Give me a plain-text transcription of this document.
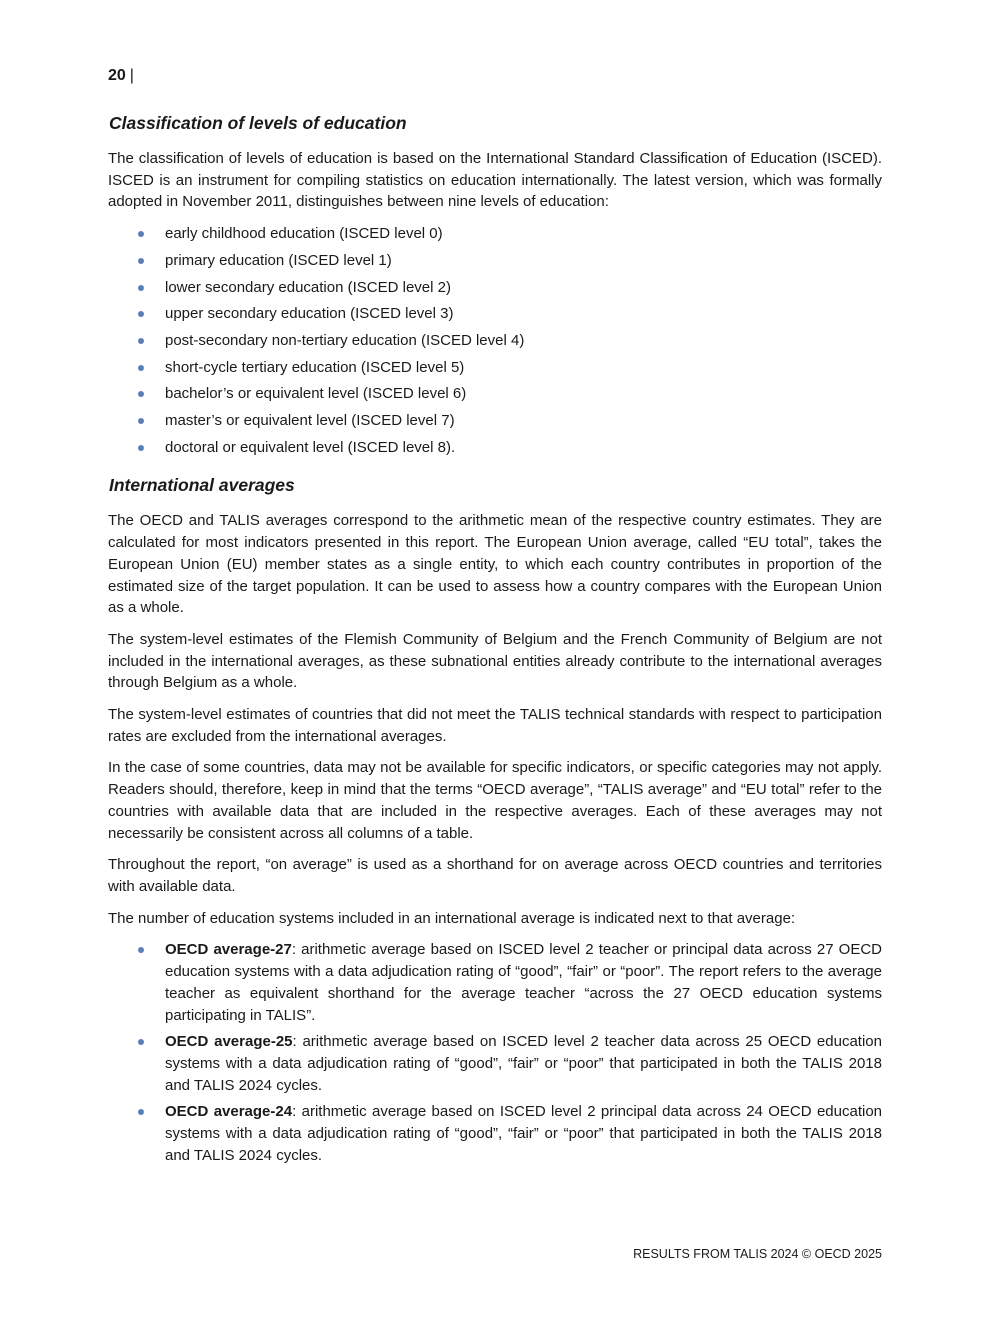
20 |
Classification of levels of education

The classification of levels of education is based on the International Standard Classification of Education (ISCED). ISCED is an instrument for compiling statistics on education internationally. The latest version, which was formally adopted in November 2011, distinguishes between nine levels of education:

early childhood education (ISCED level 0)
primary education (ISCED level 1)
lower secondary education (ISCED level 2)
upper secondary education (ISCED level 3)
post-secondary non-tertiary education (ISCED level 4)
short-cycle tertiary education (ISCED level 5)
bachelor’s or equivalent level (ISCED level 6)
master’s or equivalent level (ISCED level 7)
doctoral or equivalent level (ISCED level 8).
International averages

The OECD and TALIS averages correspond to the arithmetic mean of the respective country estimates. They are calculated for most indicators presented in this report. The European Union average, called “EU total”, takes the European Union (EU) member states as a single entity, to which each country contributes in proportion of the estimated size of the target population. It can be used to assess how a country compares with the European Union as a whole.

The system-level estimates of the Flemish Community of Belgium and the French Community of Belgium are not included in the international averages, as these subnational entities already contribute to the international averages through Belgium as a whole.

The system-level estimates of countries that did not meet the TALIS technical standards with respect to participation rates are excluded from the international averages.

In the case of some countries, data may not be available for specific indicators, or specific categories may not apply. Readers should, therefore, keep in mind that the terms “OECD average”, “TALIS average” and “EU total” refer to the countries with available data that are included in the respective averages. Each of these averages may not necessarily be consistent across all columns of a table.

Throughout the report, “on average” is used as a shorthand for on average across OECD countries and territories with available data.

The number of education systems included in an international average is indicated next to that average:

OECD average-27: arithmetic average based on ISCED level 2 teacher or principal data across 27 OECD education systems with a data adjudication rating of “good”, “fair” or “poor”. The report refers to the average teacher as equivalent shorthand for the average teacher “across the 27 OECD education systems participating in TALIS”.
OECD average-25: arithmetic average based on ISCED level 2 teacher data across 25 OECD education systems with a data adjudication rating of “good”, “fair” or “poor” that participated in both the TALIS 2018 and TALIS 2024 cycles.
OECD average-24: arithmetic average based on ISCED level 2 principal data across 24 OECD education systems with a data adjudication rating of “good”, “fair” or “poor” that participated in both the TALIS 2018 and TALIS 2024 cycles.
RESULTS FROM TALIS 2024 © OECD 2025
